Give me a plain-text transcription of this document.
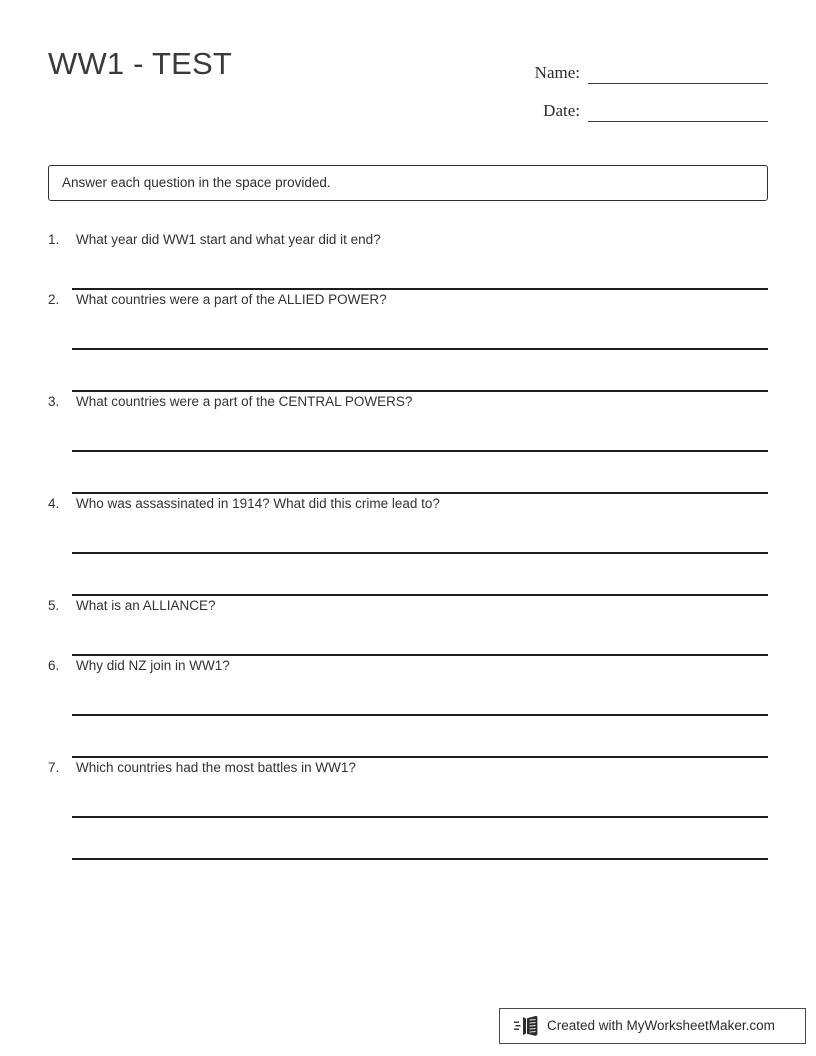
WW1 - TEST	Name:
Date:
Answer each question in the space provided.
1.	What year did WW1 start and what year did it end?
2.	What countries were a part of the ALLIED POWER?
3.	What countries were a part of the CENTRAL POWERS?
4.	Who was assassinated in 1914? What did this crime lead to?
5.	What is an ALLIANCE?
6.	Why did NZ join in WW1?
7.	Which countries had the most battles in WW1?
Created with MyWorksheetMaker.com
